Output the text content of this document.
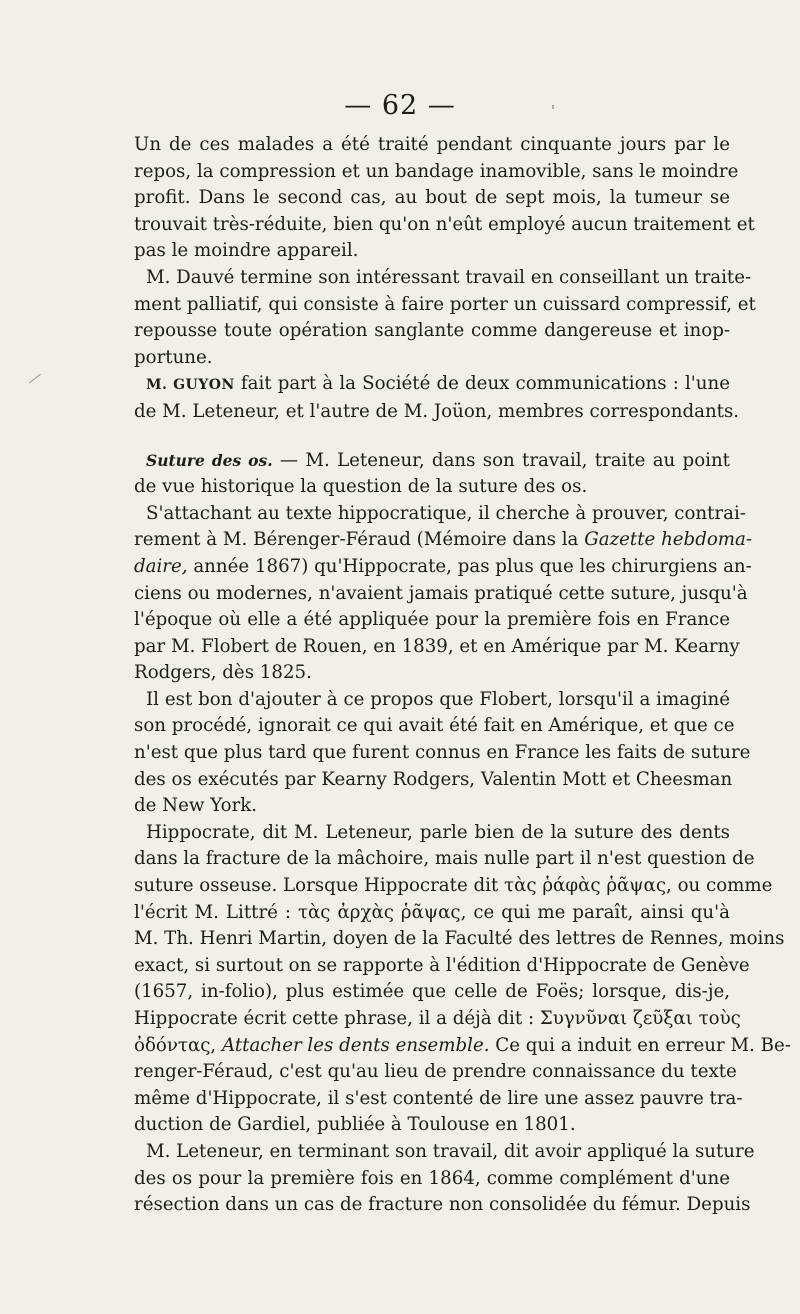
— 62 —
Un de ces malades a été traité pendant cinquante jours par le
repos, la compression et un bandage inamovible, sans le moindre
profit. Dans le second cas, au bout de sept mois, la tumeur se
trouvait très-réduite, bien qu'on n'eût employé aucun traitement et
pas le moindre appareil.
M. Dauvé termine son intéressant travail en conseillant un traite-
ment palliatif, qui consiste à faire porter un cuissard compressif, et
repousse toute opération sanglante comme dangereuse et inop-
portune.
M. GUYON fait part à la Société de deux communications : l'une
de M. Leteneur, et l'autre de M. Joüon, membres correspondants.
Suture des os. — M. Leteneur, dans son travail, traite au point
de vue historique la question de la suture des os.
S'attachant au texte hippocratique, il cherche à prouver, contrai-
rement à M. Bérenger-Féraud (Mémoire dans la Gazette hebdoma-
daire, année 1867) qu'Hippocrate, pas plus que les chirurgiens an-
ciens ou modernes, n'avaient jamais pratiqué cette suture, jusqu'à
l'époque où elle a été appliquée pour la première fois en France
par M. Flobert de Rouen, en 1839, et en Amérique par M. Kearny
Rodgers, dès 1825.
Il est bon d'ajouter à ce propos que Flobert, lorsqu'il a imaginé
son procédé, ignorait ce qui avait été fait en Amérique, et que ce
n'est que plus tard que furent connus en France les faits de suture
des os exécutés par Kearny Rodgers, Valentin Mott et Cheesman
de New York.
Hippocrate, dit M. Leteneur, parle bien de la suture des dents
dans la fracture de la mâchoire, mais nulle part il n'est question de
suture osseuse. Lorsque Hippocrate dit τὰς ῥάφὰς ῥᾶψας, ou comme
l'écrit M. Littré : τὰς ἀρχὰς ῥᾶψας, ce qui me paraît, ainsi qu'à
M. Th. Henri Martin, doyen de la Faculté des lettres de Rennes, moins
exact, si surtout on se rapporte à l'édition d'Hippocrate de Genève
(1657, in-folio), plus estimée que celle de Foës; lorsque, dis-je,
Hippocrate écrit cette phrase, il a déjà dit : Συγνῦναι ζεῦξαι τοὺς
ὀδόντας, Attacher les dents ensemble. Ce qui a induit en erreur M. Be-
renger-Féraud, c'est qu'au lieu de prendre connaissance du texte
même d'Hippocrate, il s'est contenté de lire une assez pauvre tra-
duction de Gardiel, publiée à Toulouse en 1801.
M. Leteneur, en terminant son travail, dit avoir appliqué la suture
des os pour la première fois en 1864, comme complément d'une
résection dans un cas de fracture non consolidée du fémur. Depuis
